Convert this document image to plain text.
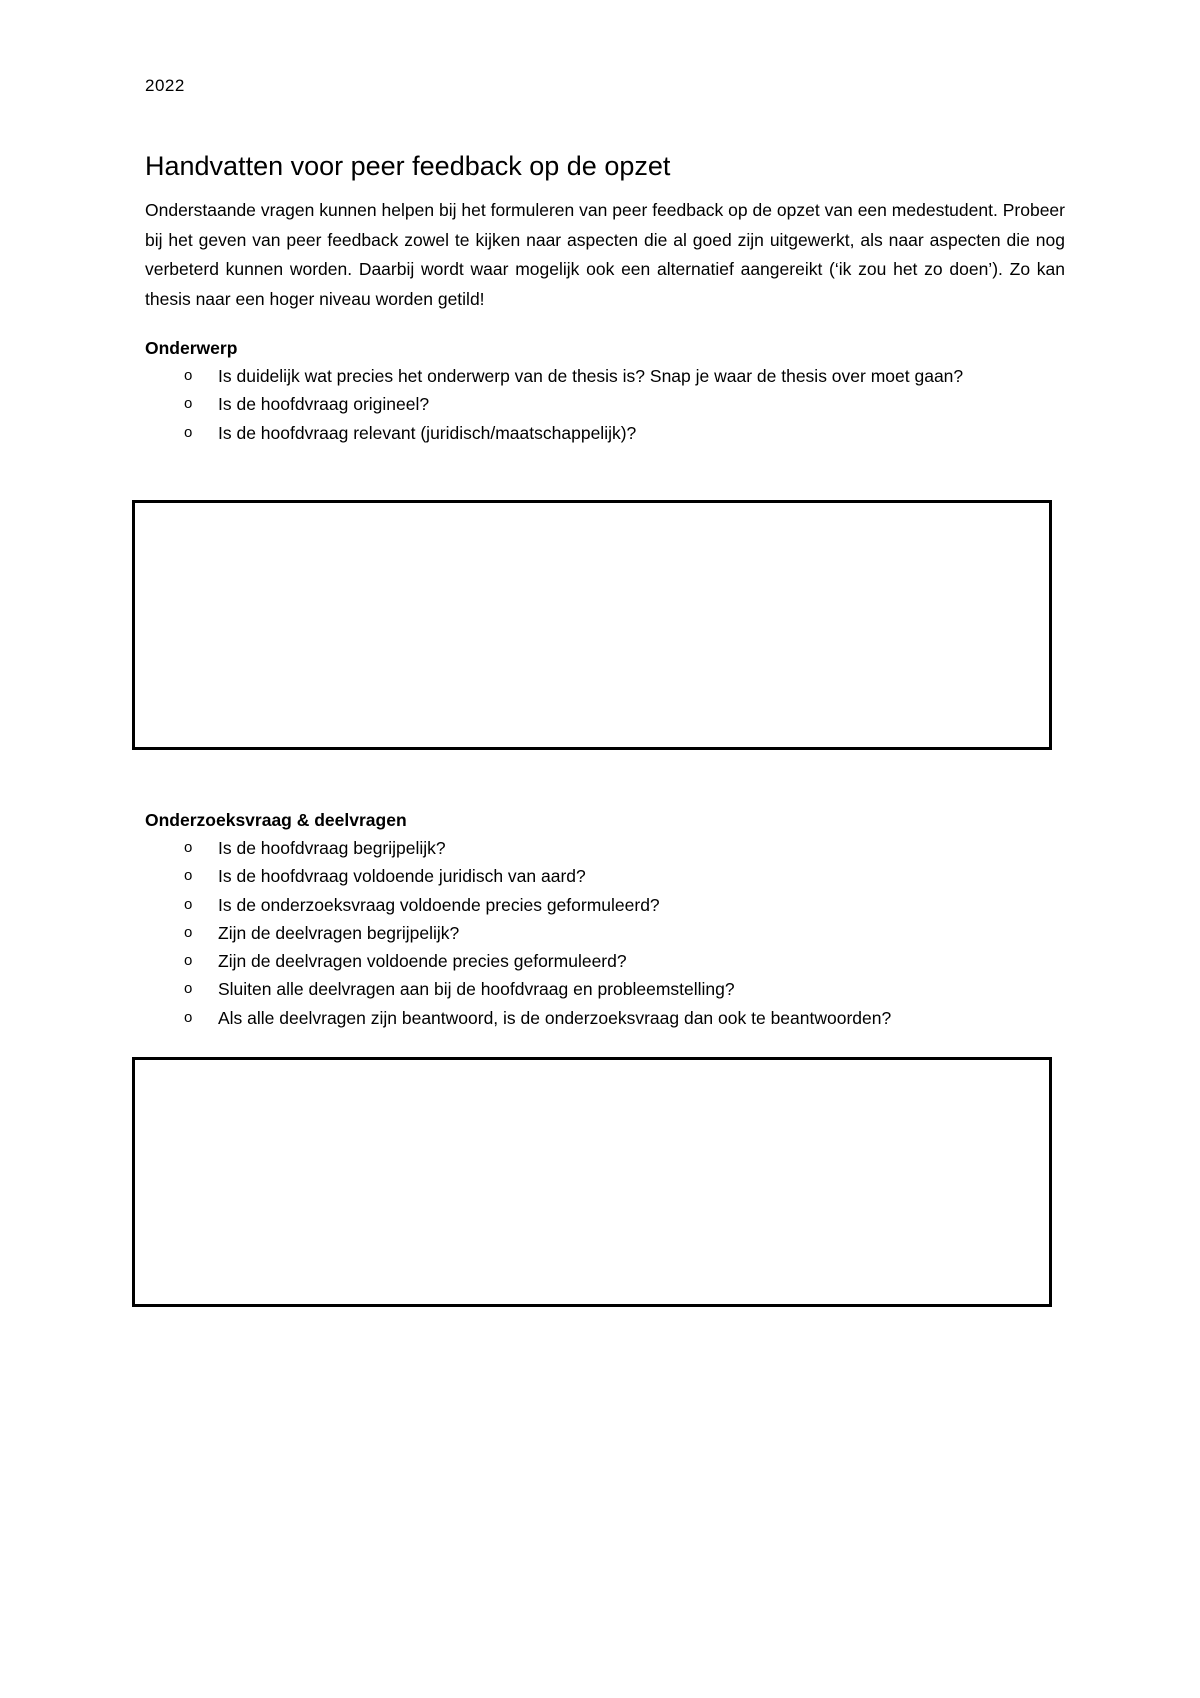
2022
Handvatten voor peer feedback op de opzet

Onderstaande vragen kunnen helpen bij het formuleren van peer feedback op de opzet van een medestudent. Probeer bij het geven van peer feedback zowel te kijken naar aspecten die al goed zijn uitgewerkt, als naar aspecten die nog verbeterd kunnen worden. Daarbij wordt waar mogelijk ook een alternatief aangereikt (‘ik zou het zo doen’). Zo kan thesis naar een hoger niveau worden getild!

Onderwerp
o Is duidelijk wat precies het onderwerp van de thesis is? Snap je waar de thesis over moet gaan?
o Is de hoofdvraag origineel?
o Is de hoofdvraag relevant (juridisch/maatschappelijk)?
Onderzoeksvraag & deelvragen
o Is de hoofdvraag begrijpelijk?
o Is de hoofdvraag voldoende juridisch van aard?
o Is de onderzoeksvraag voldoende precies geformuleerd?
o Zijn de deelvragen begrijpelijk?
o Zijn de deelvragen voldoende precies geformuleerd?
o Sluiten alle deelvragen aan bij de hoofdvraag en probleemstelling?
o Als alle deelvragen zijn beantwoord, is de onderzoeksvraag dan ook te beantwoorden?
